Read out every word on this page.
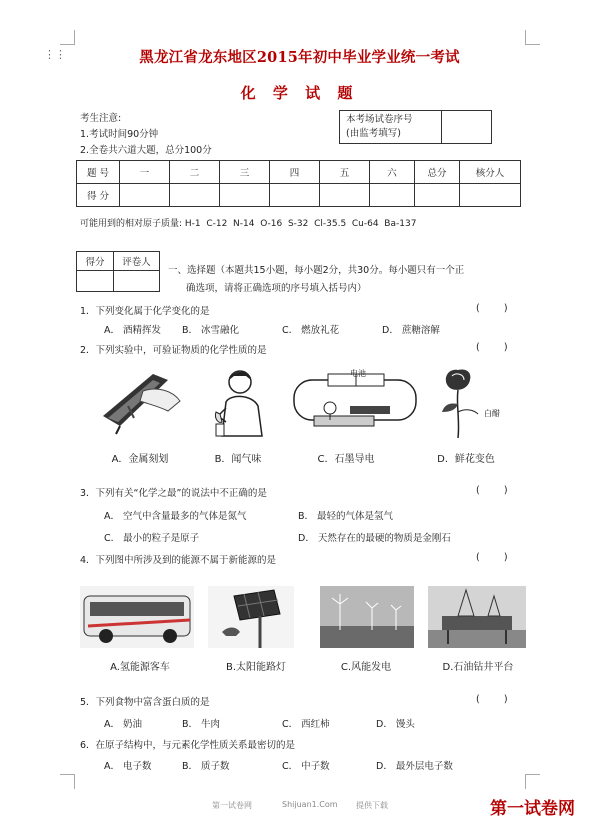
⋮⋮	黑龙江省龙东地区2015年初中毕业学业统一考试
化 学 试 题
考生注意:
1.考试时间90分钟
2.全卷共六道大题，总分100分
本考场试卷序号
(由监考填写)

题 号	一	二	三	四	五	六	总分	核分人
得 分								
可能用到的相对原子质量: H-1  C-12  N-14  O-16  S-32  Cl-35.5  Cu-64  Ba-137
得分	评卷人

一、选择题（本题共15小题，每小题2分，共30分。每小题只有一个正
确选项，请将正确选项的序号填入括号内）
1．下列变化属于化学变化的是	(        )
A． 酒精挥发 B． 冰雪融化	C． 燃放礼花	D． 蔗糖溶解
2．下列实验中，可验证物质的化学性质的是	(        )
电池
白醋
A．金属刻划	B．闻气味	C．石墨导电	D．鲜花变色
3．下列有关“化学之最”的说法中不正确的是	(        )
A． 空气中含量最多的气体是氮气	B． 最轻的气体是氢气
C． 最小的粒子是原子	D． 天然存在的最硬的物质是金刚石
4．下列图中所涉及到的能源不属于新能源的是	(        )
A.氢能源客车	B.太阳能路灯	C.风能发电	D.石油钻井平台
5．下列食物中富含蛋白质的是	(        )
A． 奶油	B． 牛肉	C． 西红柿	D． 馒头
6．在原子结构中，与元素化学性质关系最密切的是
A． 电子数	B． 质子数	C． 中子数	D． 最外层电子数
第一试卷网	Shijuan1.Com 提供下载	第一试卷网
